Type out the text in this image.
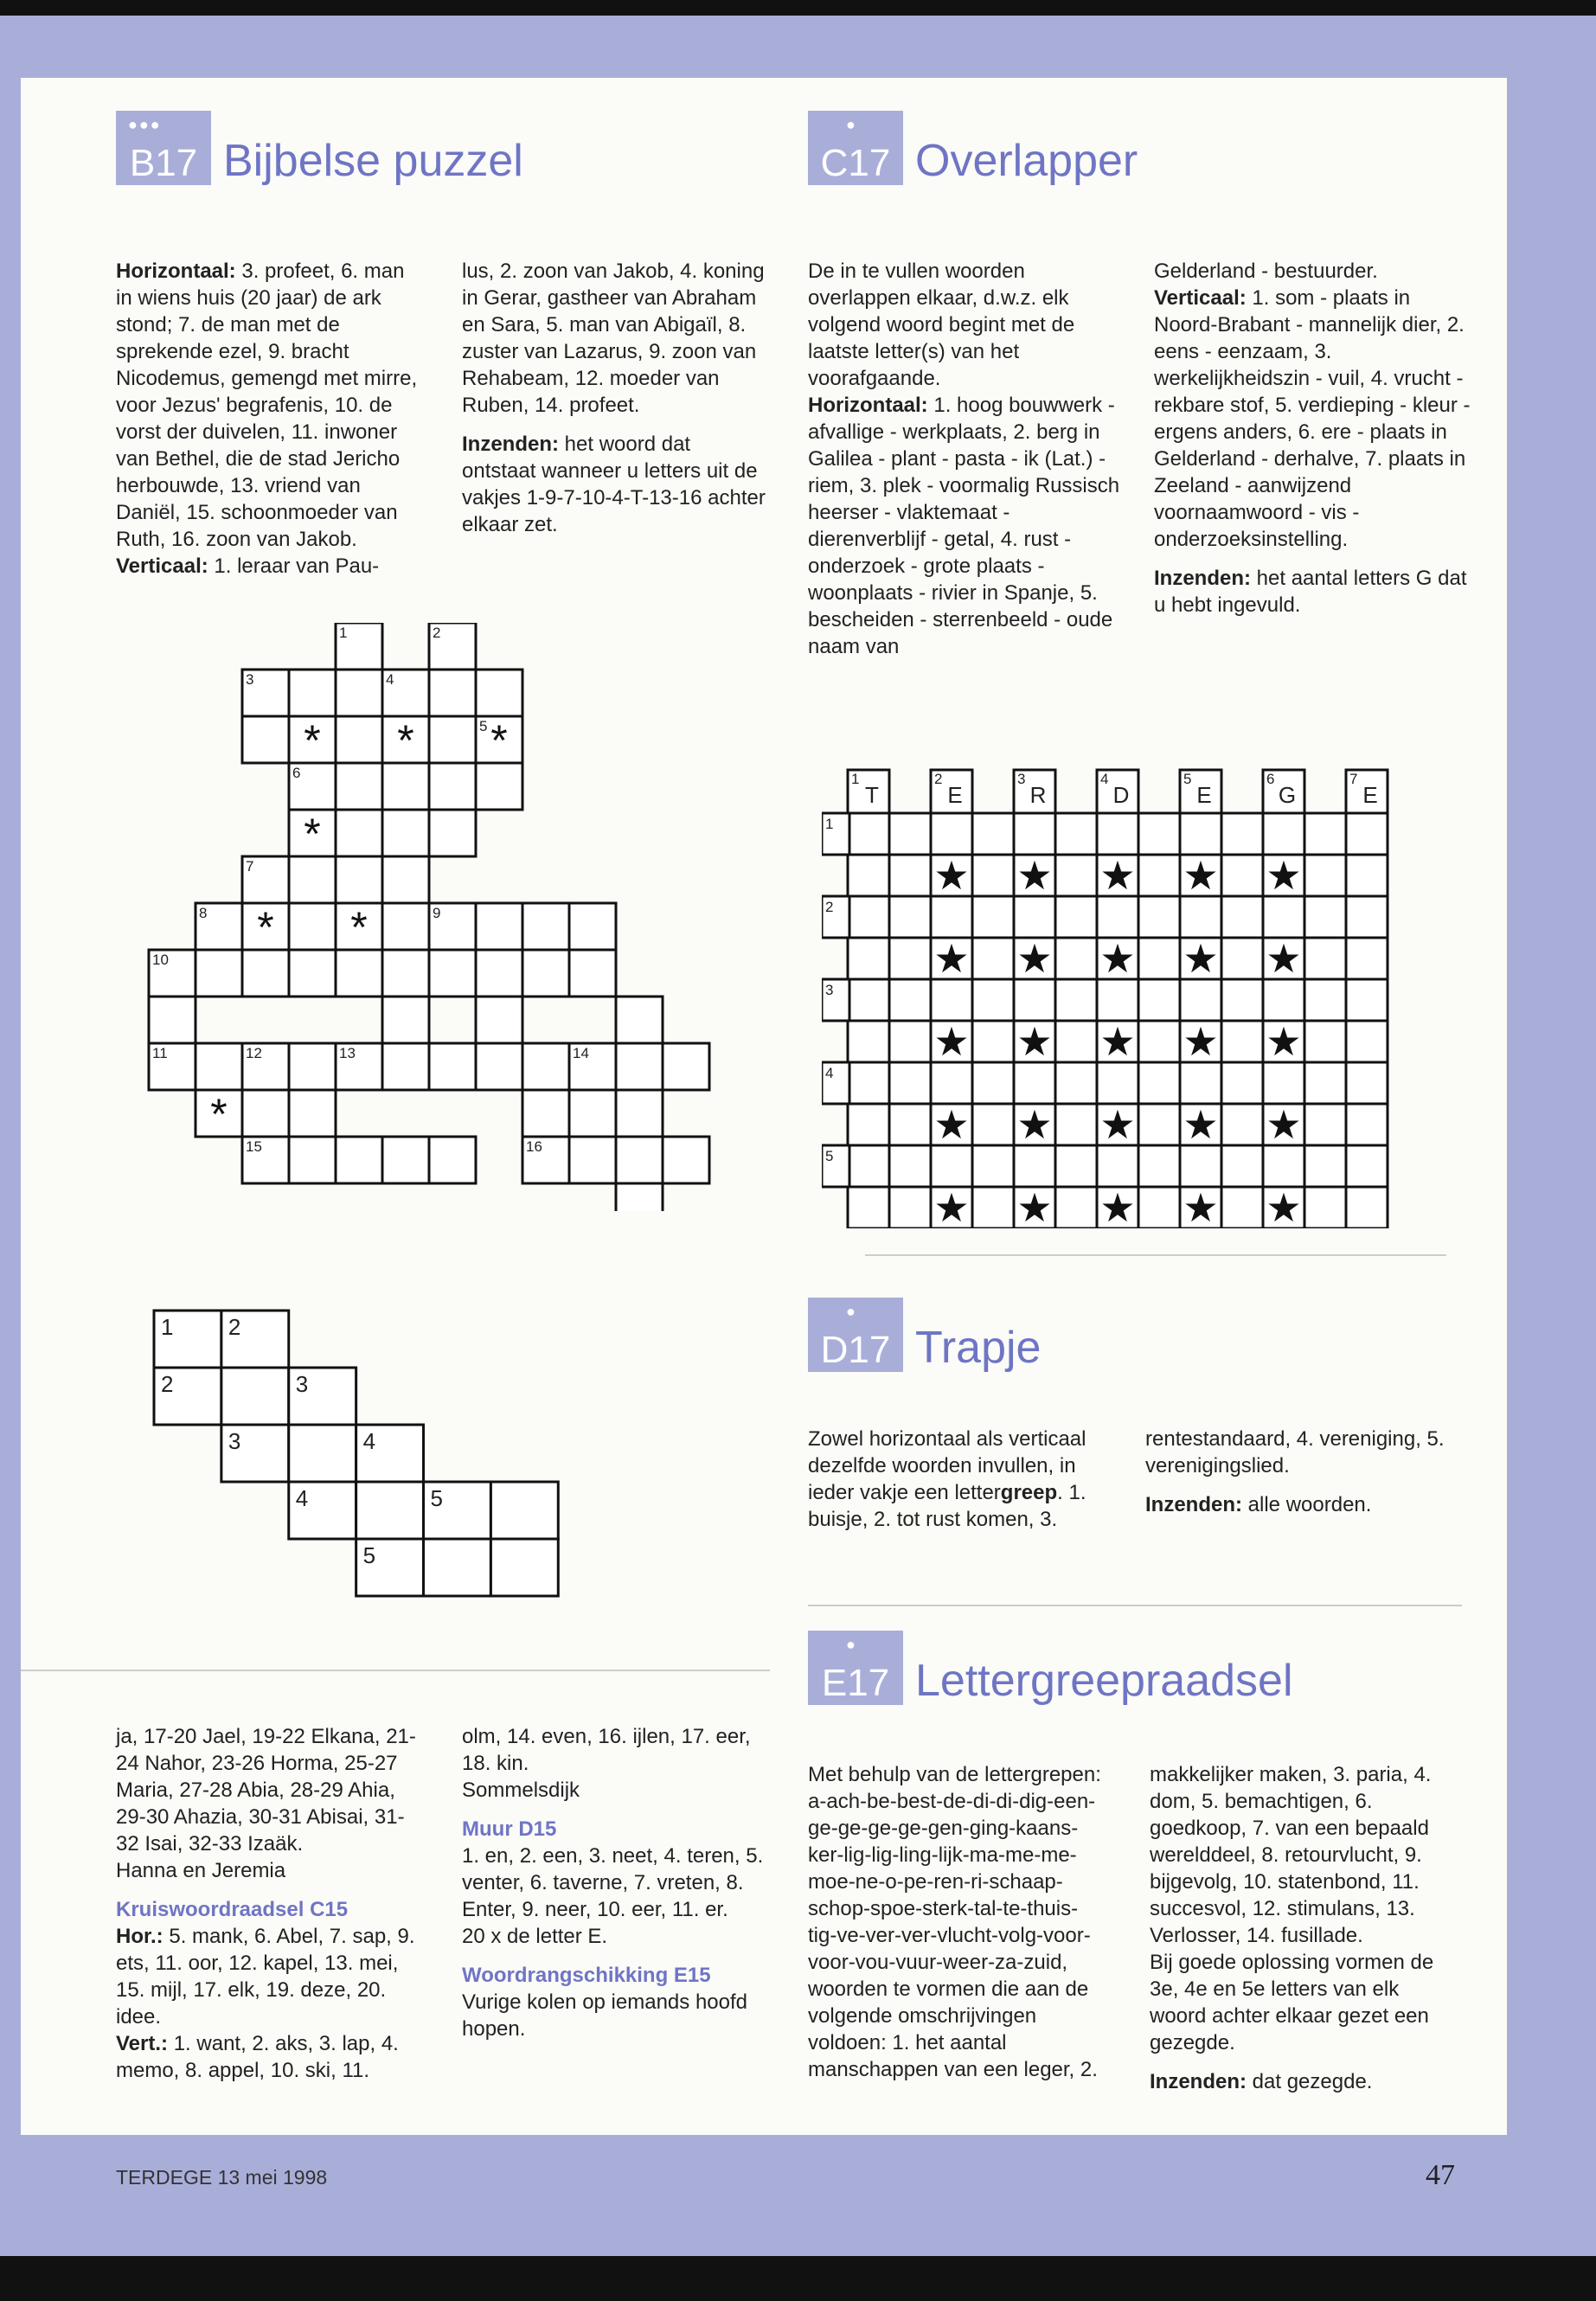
●●●
B17 Bijbelse puzzel
Horizontaal: 3. profeet, 6. man in wiens huis (20 jaar) de ark stond; 7. de man met de sprekende ezel, 9. bracht Nicodemus, gemengd met mirre, voor Jezus' begrafenis, 10. de vorst der duivelen, 11. inwoner van Bethel, die de stad Jericho herbouwde, 13. vriend van Daniël, 15. schoonmoeder van Ruth, 16. zoon van Jakob.
Verticaal: 1. leraar van Pau-

lus, 2. zoon van Jakob, 4. koning in Gerar, gastheer van Abraham en Sara, 5. man van Abigaïl, 8. zuster van Lazarus, 9. zoon van Rehabeam, 12. moeder van Ruben, 14. profeet.

Inzenden: het woord dat ontstaat wanneer u letters uit de vakjes 1-9-7-10-4-T-13-16 achter elkaar zet.

1	2
3	4
5
6
7
8	9
10
11	12	13	14
15	16
* * *
*
* *
*
●
C17 Overlapper
De in te vullen woorden overlappen elkaar, d.w.z. elk volgend woord begint met de laatste letter(s) van het voorafgaande.
Horizontaal: 1. hoog bouwwerk - afvallige - werkplaats, 2. berg in Galilea - plant - pasta - ik (Lat.) - riem, 3. plek - voormalig Russisch heerser - vlaktemaat - dierenverblijf - getal, 4. rust - onderzoek - grote plaats - woonplaats - rivier in Spanje, 5. bescheiden - sterrenbeeld - oude naam van
1
T
2
E
3
R
4
D
5
E
6
G
7
E
1
2
3
4
5
★ ★ ★ ★ ★
★ ★ ★ ★ ★
★ ★ ★ ★ ★
★ ★ ★ ★ ★
★ ★ ★ ★ ★
1 2
2	3
3	4
4	5
5
●
D17 Trapje

Zowel horizontaal als verticaal dezelfde woorden invullen, in ieder vakje een lettergreep. 1. buisje, 2. tot rust komen, 3. rentestandaard, 4. vereniging, 5. verenigingslied.

Inzenden: alle woorden.

●
E17 Lettergreepraadsel

Met behulp van de lettergrepen: a-ach-be-best-de-di-di-dig-een-ge-ge-ge-ge-gen-ging-kaans-ker-lig-lig-ling-lijk-ma-me-me-moe-ne-o-pe-ren-ri-schaap-schop-spoe-sterk-tal-te-thuis-tig-ve-ver-ver-vlucht-volg-voor-voor-vou-vuur-weer-za-zuid, woorden te vormen die aan de volgende omschrijvingen voldoen: 1. het aantal manschappen van een leger, 2. makkelijker maken, 3. paria, 4. dom, 5. bemachtigen, 6. goedkoop, 7. van een bepaald werelddeel, 8. retourvlucht, 9. bijgevolg, 10. statenbond, 11. succesvol, 12. stimulans, 13. Verlosser, 14. fusillade.
Bij goede oplossing vormen de 3e, 4e en 5e letters van elk woord achter elkaar gezet een gezegde.

Inzenden: dat gezegde.

ja, 17-20 Jael, 19-22 Elkana, 21-24 Nahor, 23-26 Horma, 25-27 Maria, 27-28 Abia, 28-29 Ahia, 29-30 Ahazia, 30-31 Abisai, 31-32 Isai, 32-33 Izaäk.
Hanna en Jeremia
Kruiswoordraadsel C15
Hor.: 5. mank, 6. Abel, 7. sap, 9. ets, 11. oor, 12. kapel, 13. mei, 15. mijl, 17. elk, 19. deze, 20. idee.
Vert.: 1. want, 2. aks, 3. lap, 4. memo, 8. appel, 10. ski, 11.
olm, 14. even, 16. ijlen, 17. eer, 18. kin.
Sommelsdijk
Muur D15
1. en, 2. een, 3. neet, 4. teren, 5. venter, 6. taverne, 7. vreten, 8. Enter, 9. neer, 10. eer, 11. er.
20 x de letter E.
Woordrangschikking E15
Vurige kolen op iemands hoofd hopen.
TERDEGE 13 mei 1998	47

Gelderland - bestuurder.
Verticaal: 1. som - plaats in Noord-Brabant - mannelijk dier, 2. eens - eenzaam, 3. werkelijkheidszin - vuil, 4. vrucht - rekbare stof, 5. verdieping - kleur - ergens anders, 6. ere - plaats in Gelderland - derhalve, 7. plaats in Zeeland - aanwijzend voornaamwoord - vis - onderzoeksinstelling.

Inzenden: het aantal letters G dat u hebt ingevuld.
